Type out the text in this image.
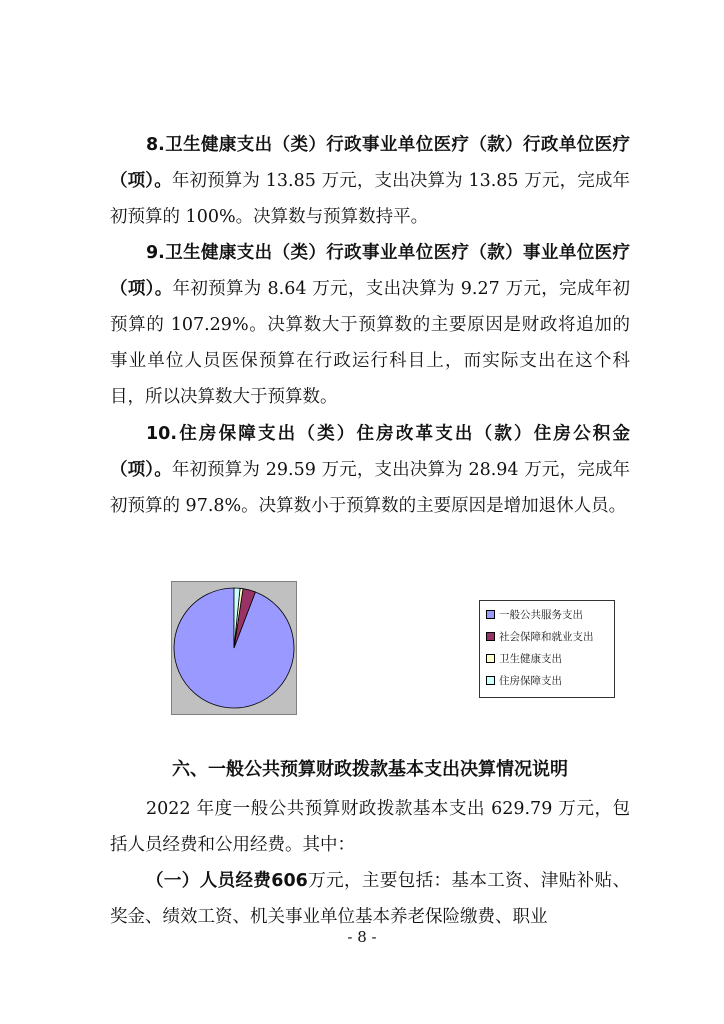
8.卫生健康支出（类）行政事业单位医疗（款）行政单位医疗（项）。年初预算为 13.85 万元，支出决算为 13.85 万元，完成年初预算的 100%。决算数与预算数持平。

9.卫生健康支出（类）行政事业单位医疗（款）事业单位医疗（项）。年初预算为 8.64 万元，支出决算为 9.27 万元，完成年初预算的 107.29%。决算数大于预算数的主要原因是财政将追加的事业单位人员医保预算在行政运行科目上，而实际支出在这个科目，所以决算数大于预算数。

10.住房保障支出（类）住房改革支出（款）住房公积金（项）。年初预算为 29.59 万元，支出决算为 28.94 万元，完成年初预算的 97.8%。决算数小于预算数的主要原因是增加退休人员。

一般公共服务支出
社会保障和就业支出
卫生健康支出
住房保障支出
六、一般公共预算财政拨款基本支出决算情况说明

2022 年度一般公共预算财政拨款基本支出 629.79 万元，包括人员经费和公用经费。其中：

（一）人员经费606万元，主要包括：基本工资、津贴补贴、奖金、绩效工资、机关事业单位基本养老保险缴费、职业

- 8 -
